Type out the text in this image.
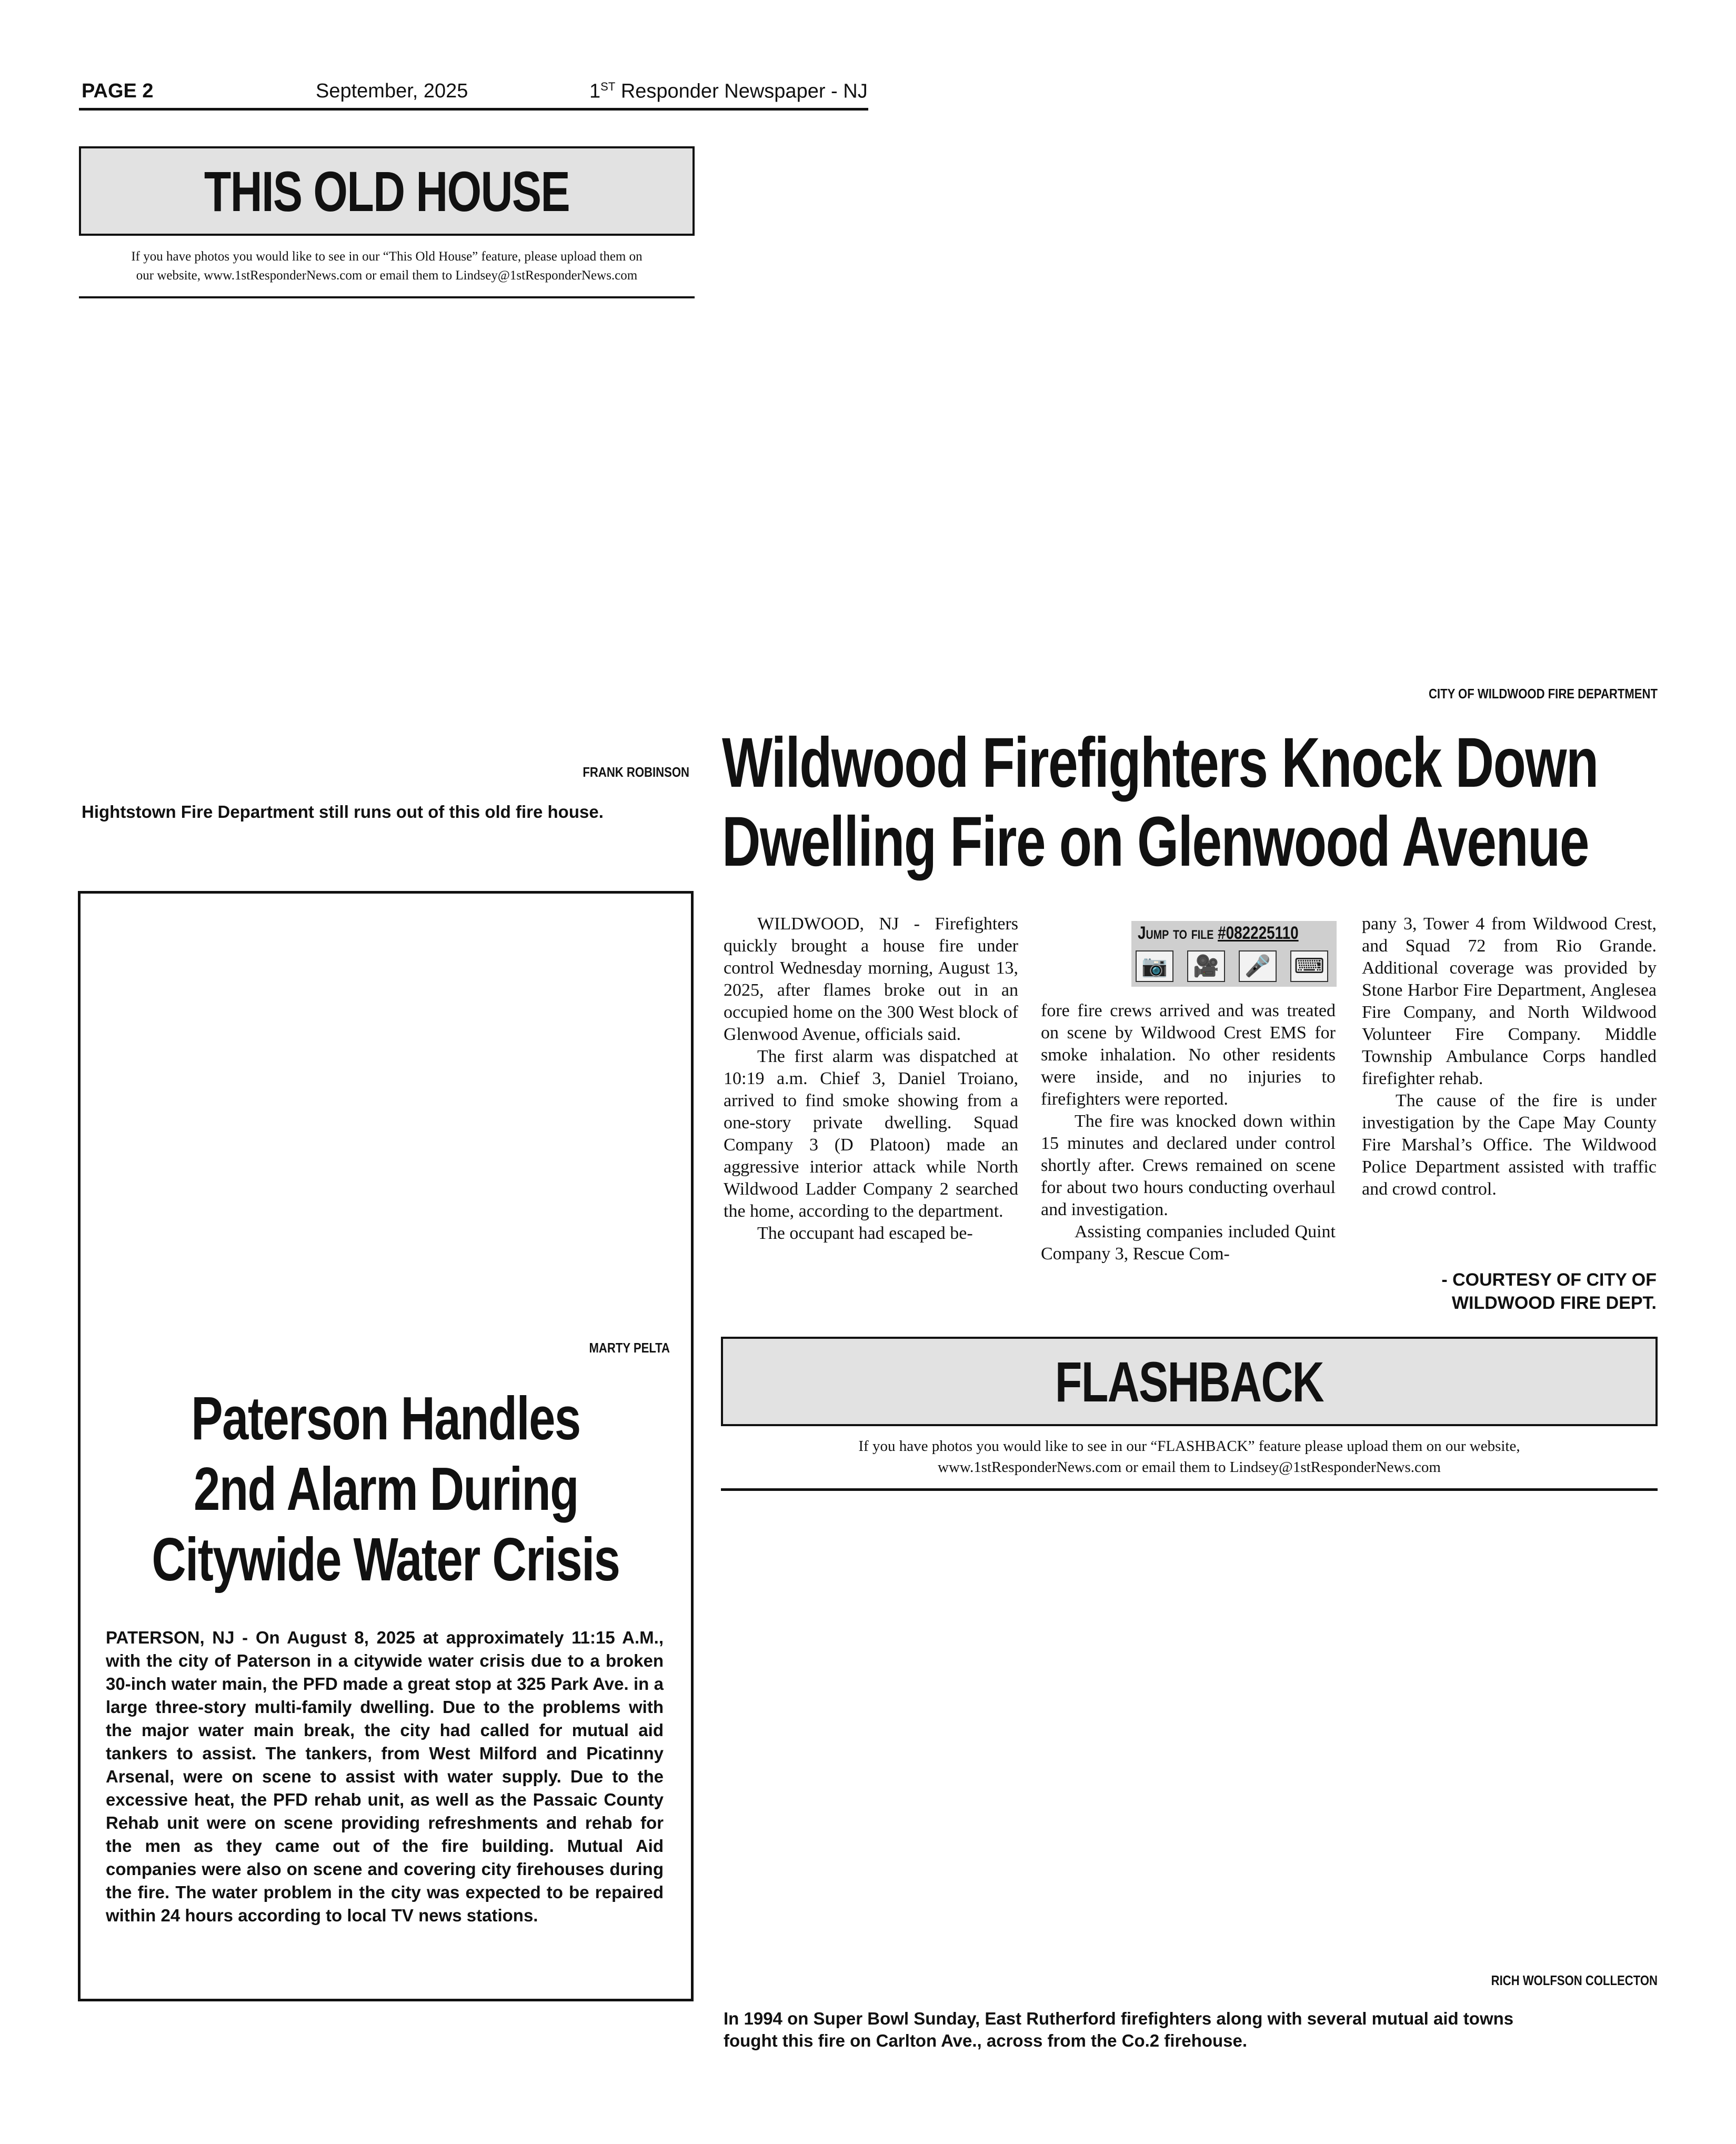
PAGE 2	September, 2025	1ST Responder Newspaper - NJ
THIS OLD HOUSE
If you have photos you would like to see in our “This Old House” feature, please upload them on
our website, www.1stResponderNews.com or email them to Lindsey@1stResponderNews.com
FRANK ROBINSON
Hightstown Fire Department still runs out of this old fire house.
CITY OF WILDWOOD FIRE DEPARTMENT
Wildwood Firefighters Knock Down
Dwelling Fire on Glenwood Avenue

WILDWOOD, NJ - Firefighters quickly brought a house fire under control Wednesday morning, August 13, 2025, after flames broke out in an occupied home on the 300 West block of Glenwood Avenue, officials said.

The first alarm was dispatched at 10:19 a.m. Chief 3, Daniel Troiano, arrived to find smoke showing from a one-story private dwelling. Squad Company 3 (D Platoon) made an aggressive interior attack while North Wildwood Ladder Company 2 searched the home, according to the department.

The occupant had escaped be-

Jump to file #082225110
📷 🎥 🎤 ⌨

fore fire crews arrived and was treated on scene by Wildwood Crest EMS for smoke inhalation. No other residents were inside, and no injuries to firefighters were reported.

The fire was knocked down within 15 minutes and declared under control shortly after. Crews remained on scene for about two hours conducting overhaul and investigation.

Assisting companies included Quint Company 3, Rescue Com-

pany 3, Tower 4 from Wildwood Crest, and Squad 72 from Rio Grande. Additional coverage was provided by Stone Harbor Fire Department, Anglesea Fire Company, and North Wildwood Volunteer Fire Company. Middle Township Ambulance Corps handled firefighter rehab.

The cause of the fire is under investigation by the Cape May County Fire Marshal’s Office. The Wildwood Police Department assisted with traffic and crowd control.

- COURTESY OF CITY OF
WILDWOOD FIRE DEPT.
MARTY PELTA
Paterson Handles
2nd Alarm During
Citywide Water Crisis
PATERSON, NJ - On August 8, 2025 at approximately 11:15 A.M., with the city of Paterson in a citywide water crisis due to a broken 30-inch water main, the PFD made a great stop at 325 Park Ave. in a large three-story multi-family dwelling. Due to the problems with the major water main break, the city had called for mutual aid tankers to assist. The tankers, from West Milford and Picatinny Arsenal, were on scene to assist with water supply. Due to the excessive heat, the PFD rehab unit, as well as the Passaic County Rehab unit were on scene providing refreshments and rehab for the men as they came out of the fire building. Mutual Aid companies were also on scene and covering city firehouses during the fire. The water problem in the city was expected to be repaired within 24 hours according to local TV news stations.
FLASHBACK
If you have photos you would like to see in our “FLASHBACK” feature please upload them on our website,
www.1stResponderNews.com or email them to Lindsey@1stResponderNews.com
RICH WOLFSON COLLECTON
In 1994 on Super Bowl Sunday, East Rutherford firefighters along with several mutual aid towns
fought this fire on Carlton Ave., across from the Co.2 firehouse.
